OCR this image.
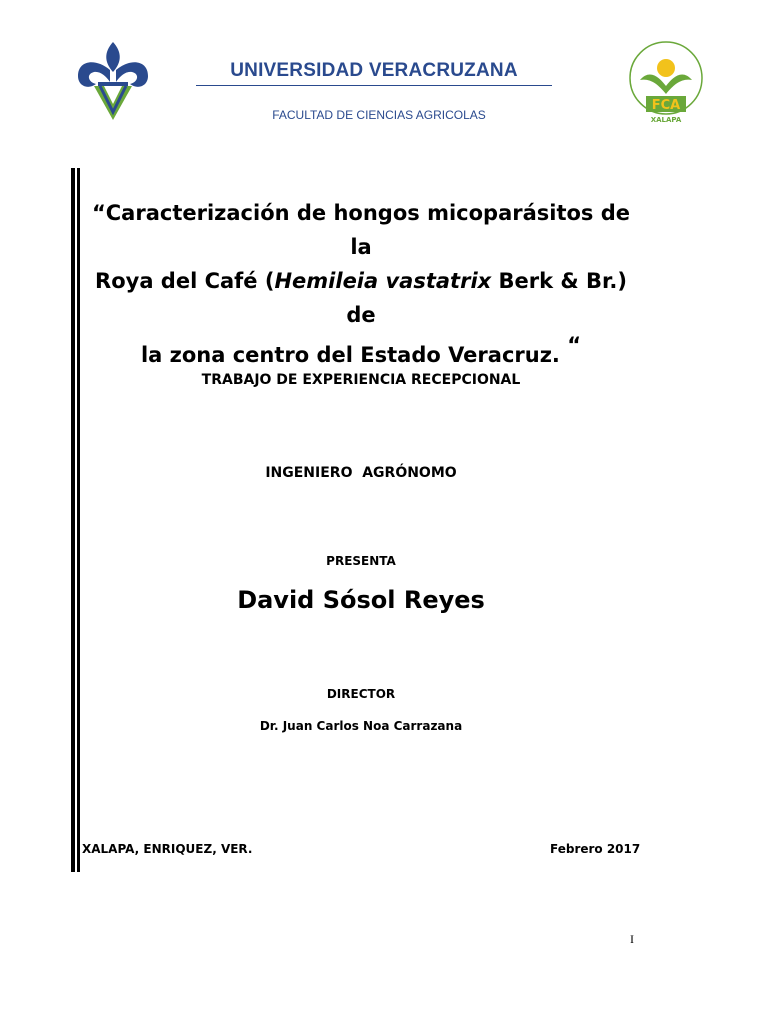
UNIVERSIDAD VERACRUZANA
FACULTAD DE CIENCIAS AGRICOLAS
FCA
XALAPA
“Caracterización de hongos micoparásitos de la
Roya del Café (Hemileia vastatrix Berk & Br.) de
la zona centro del Estado Veracruz. “
TRABAJO DE EXPERIENCIA RECEPCIONAL
INGENIERO  AGRÓNOMO
PRESENTA
David Sósol Reyes
DIRECTOR
Dr. Juan Carlos Noa Carrazana
XALAPA, ENRIQUEZ, VER.	Febrero 2017
I
